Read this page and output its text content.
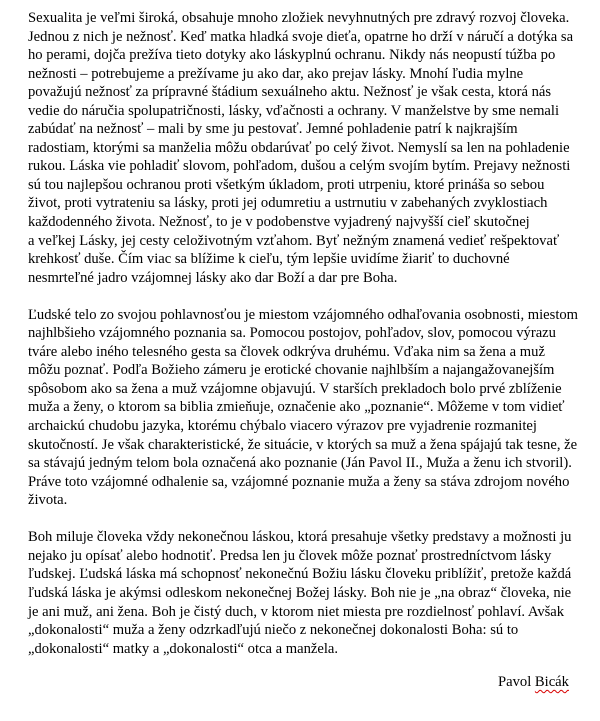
Sexualita je veľmi široká, obsahuje mnoho zložiek nevyhnutných pre zdravý rozvoj človeka.
Jednou z nich je nežnosť. Keď matka hladká svoje dieťa, opatrne ho drží v náručí a dotýka sa
ho perami, dojča prežíva tieto dotyky ako láskyplnú ochranu. Nikdy nás neopustí túžba po
nežnosti – potrebujeme a prežívame ju ako dar, ako prejav lásky. Mnohí ľudia mylne
považujú nežnosť za prípravné štádium sexuálneho aktu. Nežnosť je však cesta, ktorá nás
vedie do náručia spolupatričnosti, lásky, vďačnosti a ochrany. V manželstve by sme nemali
zabúdať na nežnosť – mali by sme ju pestovať. Jemné pohladenie patrí k najkrajším
radostiam, ktorými sa manželia môžu obdarúvať po celý život. Nemyslí sa len na pohladenie
rukou. Láska vie pohladiť slovom, pohľadom, dušou a celým svojím bytím. Prejavy nežnosti
sú tou najlepšou ochranou proti všetkým úkladom, proti utrpeniu, ktoré prináša so sebou
život, proti vytrateniu sa lásky, proti jej odumretiu a ustrnutiu v zabehaných zvyklostiach
každodenného života. Nežnosť, to je v podobenstve vyjadrený najvyšší cieľ skutočnej
a veľkej Lásky, jej cesty celoživotným vzťahom. Byť nežným znamená vedieť rešpektovať
krehkosť duše. Čím viac sa blížime k cieľu, tým lepšie uvidíme žiariť to duchovné
nesmrteľné jadro vzájomnej lásky ako dar Boží a dar pre Boha.
Ľudské telo zo svojou pohlavnosťou je miestom vzájomného odhaľovania osobnosti, miestom
najhlbšieho vzájomného poznania sa. Pomocou postojov, pohľadov, slov, pomocou výrazu
tváre alebo iného telesného gesta sa človek odkrýva druhému. Vďaka nim sa žena a muž
môžu poznať. Podľa Božieho zámeru je erotické chovanie najhlbším a najangažovanejším
spôsobom ako sa žena a muž vzájomne objavujú. V starších prekladoch bolo prvé zblíženie
muža a ženy, o ktorom sa biblia zmieňuje, označenie ako „poznanie“. Môžeme v tom vidieť
archaickú chudobu jazyka, ktorému chýbalo viacero výrazov pre vyjadrenie rozmanitej
skutočností. Je však charakteristické, že situácie, v ktorých sa muž a žena spájajú tak tesne, že
sa stávajú jedným telom bola označená ako poznanie (Ján Pavol II., Muža a ženu ich stvoril).
Práve toto vzájomné odhalenie sa, vzájomné poznanie muža a ženy sa stáva zdrojom nového
života.
Boh miluje človeka vždy nekonečnou láskou, ktorá presahuje všetky predstavy a možnosti ju
nejako ju opísať alebo hodnotiť. Predsa len ju človek môže poznať prostredníctvom lásky
ľudskej. Ľudská láska má schopnosť nekonečnú Božiu lásku človeku priblížiť, pretože každá
ľudská láska je akýmsi odleskom nekonečnej Božej lásky. Boh nie je „na obraz“ človeka, nie
je ani muž, ani žena. Boh je čistý duch, v ktorom niet miesta pre rozdielnosť pohlaví. Avšak
„dokonalosti“ muža a ženy odzrkadľujú niečo z nekonečnej dokonalosti Boha: sú to
„dokonalosti“ matky a „dokonalosti“ otca a manžela.
Pavol Bicák
